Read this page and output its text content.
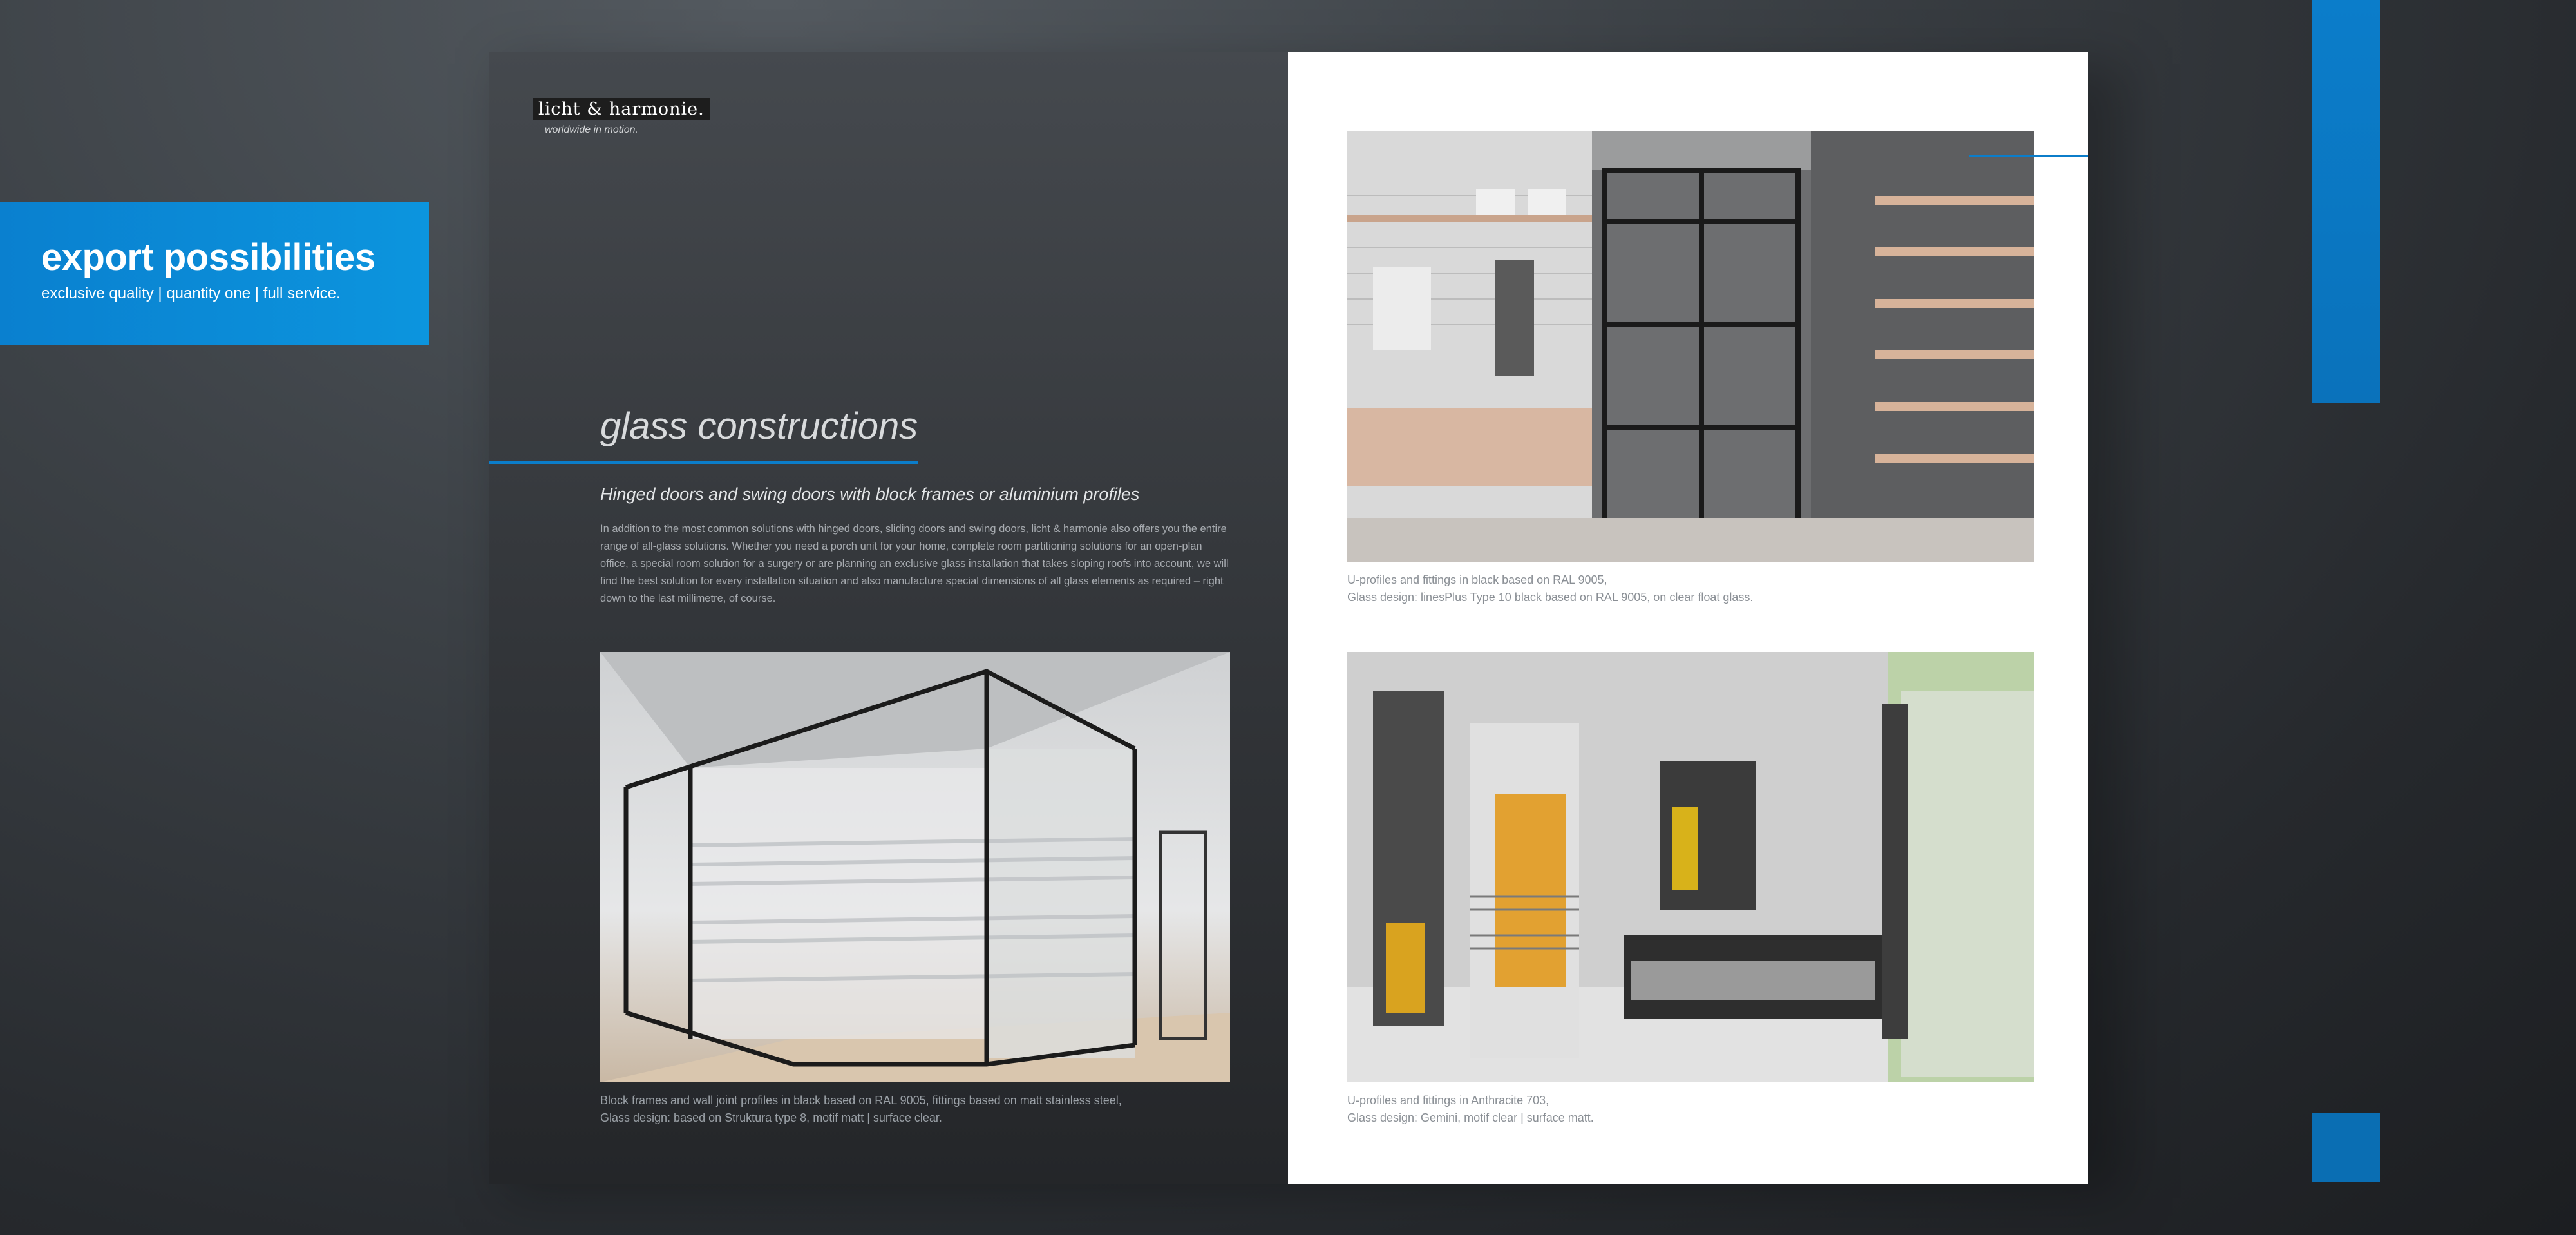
export possibilities
exclusive quality | quantity one | full service.
licht & harmonie.
worldwide in motion.
glass constructions
Hinged doors and swing doors with block frames or aluminium profiles
In addition to the most common solutions with hinged doors, sliding doors and swing doors, licht & harmonie also offers you the entire range of all-glass solutions. Whether you need a porch unit for your home, complete room partitioning solutions for an open-plan office, a special room solution for a surgery or are planning an exclusive glass installation that takes sloping roofs into account, we will find the best solution for every installation situation and also manufacture special dimensions of all glass elements as required – right down to the last millimetre, of course.
Block frames and wall joint profiles in black based on RAL 9005, fittings based on matt stainless steel,
Glass design: based on Struktura type 8, motif matt | surface clear.
U-profiles and fittings in black based on RAL 9005,
Glass design: linesPlus Type 10 black based on RAL 9005, on clear float glass.
U-profiles and fittings in Anthracite 703,
Glass design: Gemini, motif clear | surface matt.
